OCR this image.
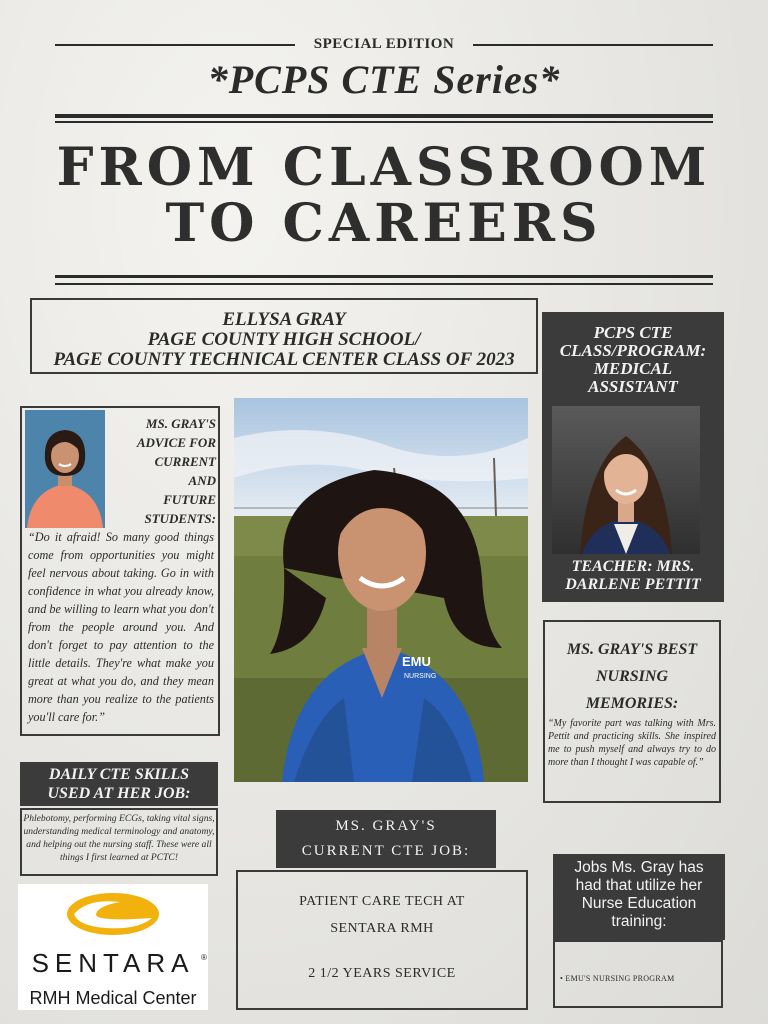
SPECIAL EDITION
*PCPS CTE Series*
FROM CLASSROOM
TO CAREERS
ELLYSA GRAY
PAGE COUNTY HIGH SCHOOL/
PAGE COUNTY TECHNICAL CENTER CLASS OF 2023
PCPS CTE
CLASS/PROGRAM:
MEDICAL
ASSISTANT
TEACHER: MRS.
DARLENE PETTIT
MS. GRAY'S
ADVICE FOR
CURRENT
AND
FUTURE
STUDENTS:
“Do it afraid! So many good things come from opportunities you might feel nervous about taking. Go in with confidence in what you already know, and be willing to learn what you don't from the people around you. And don't forget to pay attention to the little details. They're what make you great at what you do, and they mean more than you realize to the patients you'll care for.”
EMU
NURSING
MS. GRAY'S BEST
NURSING
MEMORIES:
“My favorite part was talking with Mrs. Pettit and practicing skills. She inspired me to push myself and always try to do more than I thought I was capable of.”
DAILY CTE SKILLS
USED AT HER JOB:
Phlebotomy, performing ECGs, taking vital signs, understanding medical terminology and anatomy, and helping out the nursing staff. These were all things I first learned at PCTC!
SENTARA ®
RMH Medical Center
MS. GRAY'S
CURRENT CTE JOB:
PATIENT CARE TECH AT
SENTARA RMH
2 1/2 YEARS SERVICE
Jobs Ms. Gray has
had that utilize her
Nurse Education
training:
• EMU'S NURSING PROGRAM
